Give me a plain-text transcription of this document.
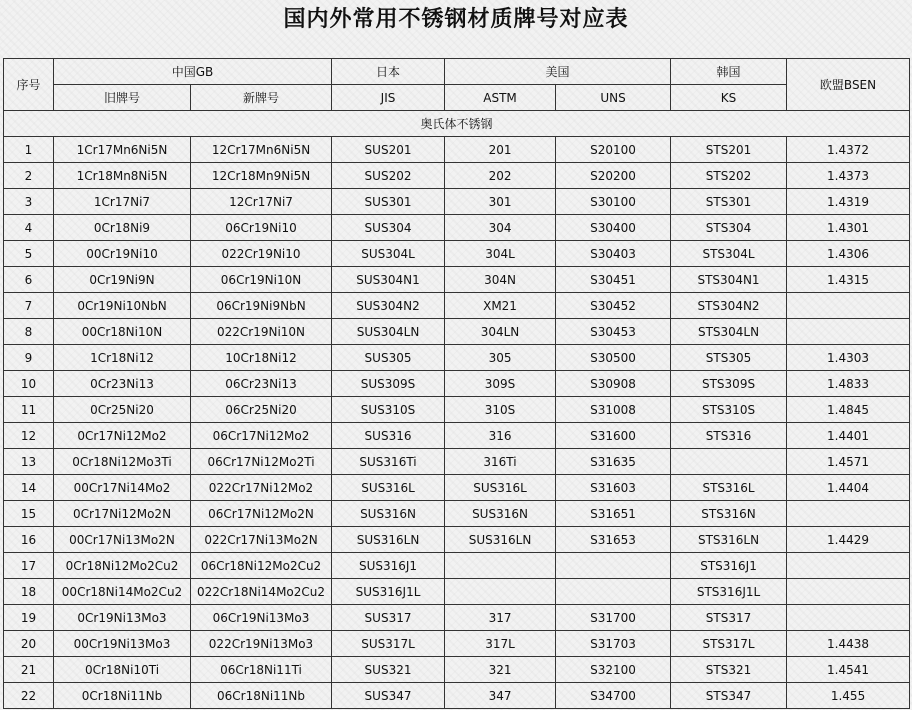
国内外常用不锈钢材质牌号对应表
序号	中国GB		日本	美国		韩国	欧盟BSEN
	旧牌号	新牌号	JIS	ASTM	UNS	KS	
奥氏体不锈钢							
1	1Cr17Mn6Ni5N	12Cr17Mn6Ni5N	SUS201	201	S20100	STS201	1.4372
2	1Cr18Mn8Ni5N	12Cr18Mn9Ni5N	SUS202	202	S20200	STS202	1.4373
3	1Cr17Ni7	12Cr17Ni7	SUS301	301	S30100	STS301	1.4319
4	0Cr18Ni9	06Cr19Ni10	SUS304	304	S30400	STS304	1.4301
5	00Cr19Ni10	022Cr19Ni10	SUS304L	304L	S30403	STS304L	1.4306
6	0Cr19Ni9N	06Cr19Ni10N	SUS304N1	304N	S30451	STS304N1	1.4315
7	0Cr19Ni10NbN	06Cr19Ni9NbN	SUS304N2	XM21	S30452	STS304N2	
8	00Cr18Ni10N	022Cr19Ni10N	SUS304LN	304LN	S30453	STS304LN	
9	1Cr18Ni12	10Cr18Ni12	SUS305	305	S30500	STS305	1.4303
10	0Cr23Ni13	06Cr23Ni13	SUS309S	309S	S30908	STS309S	1.4833
11	0Cr25Ni20	06Cr25Ni20	SUS310S	310S	S31008	STS310S	1.4845
12	0Cr17Ni12Mo2	06Cr17Ni12Mo2	SUS316	316	S31600	STS316	1.4401
13	0Cr18Ni12Mo3Ti	06Cr17Ni12Mo2Ti	SUS316Ti	316Ti	S31635		1.4571
14	00Cr17Ni14Mo2	022Cr17Ni12Mo2	SUS316L	SUS316L	S31603	STS316L	1.4404
15	0Cr17Ni12Mo2N	06Cr17Ni12Mo2N	SUS316N	SUS316N	S31651	STS316N	
16	00Cr17Ni13Mo2N	022Cr17Ni13Mo2N	SUS316LN	SUS316LN	S31653	STS316LN	1.4429
17	0Cr18Ni12Mo2Cu2	06Cr18Ni12Mo2Cu2	SUS316J1			STS316J1	
18	00Cr18Ni14Mo2Cu2	022Cr18Ni14Mo2Cu2	SUS316J1L			STS316J1L	
19	0Cr19Ni13Mo3	06Cr19Ni13Mo3	SUS317	317	S31700	STS317	
20	00Cr19Ni13Mo3	022Cr19Ni13Mo3	SUS317L	317L	S31703	STS317L	1.4438
21	0Cr18Ni10Ti	06Cr18Ni11Ti	SUS321	321	S32100	STS321	1.4541
22	0Cr18Ni11Nb	06Cr18Ni11Nb	SUS347	347	S34700	STS347	1.455
